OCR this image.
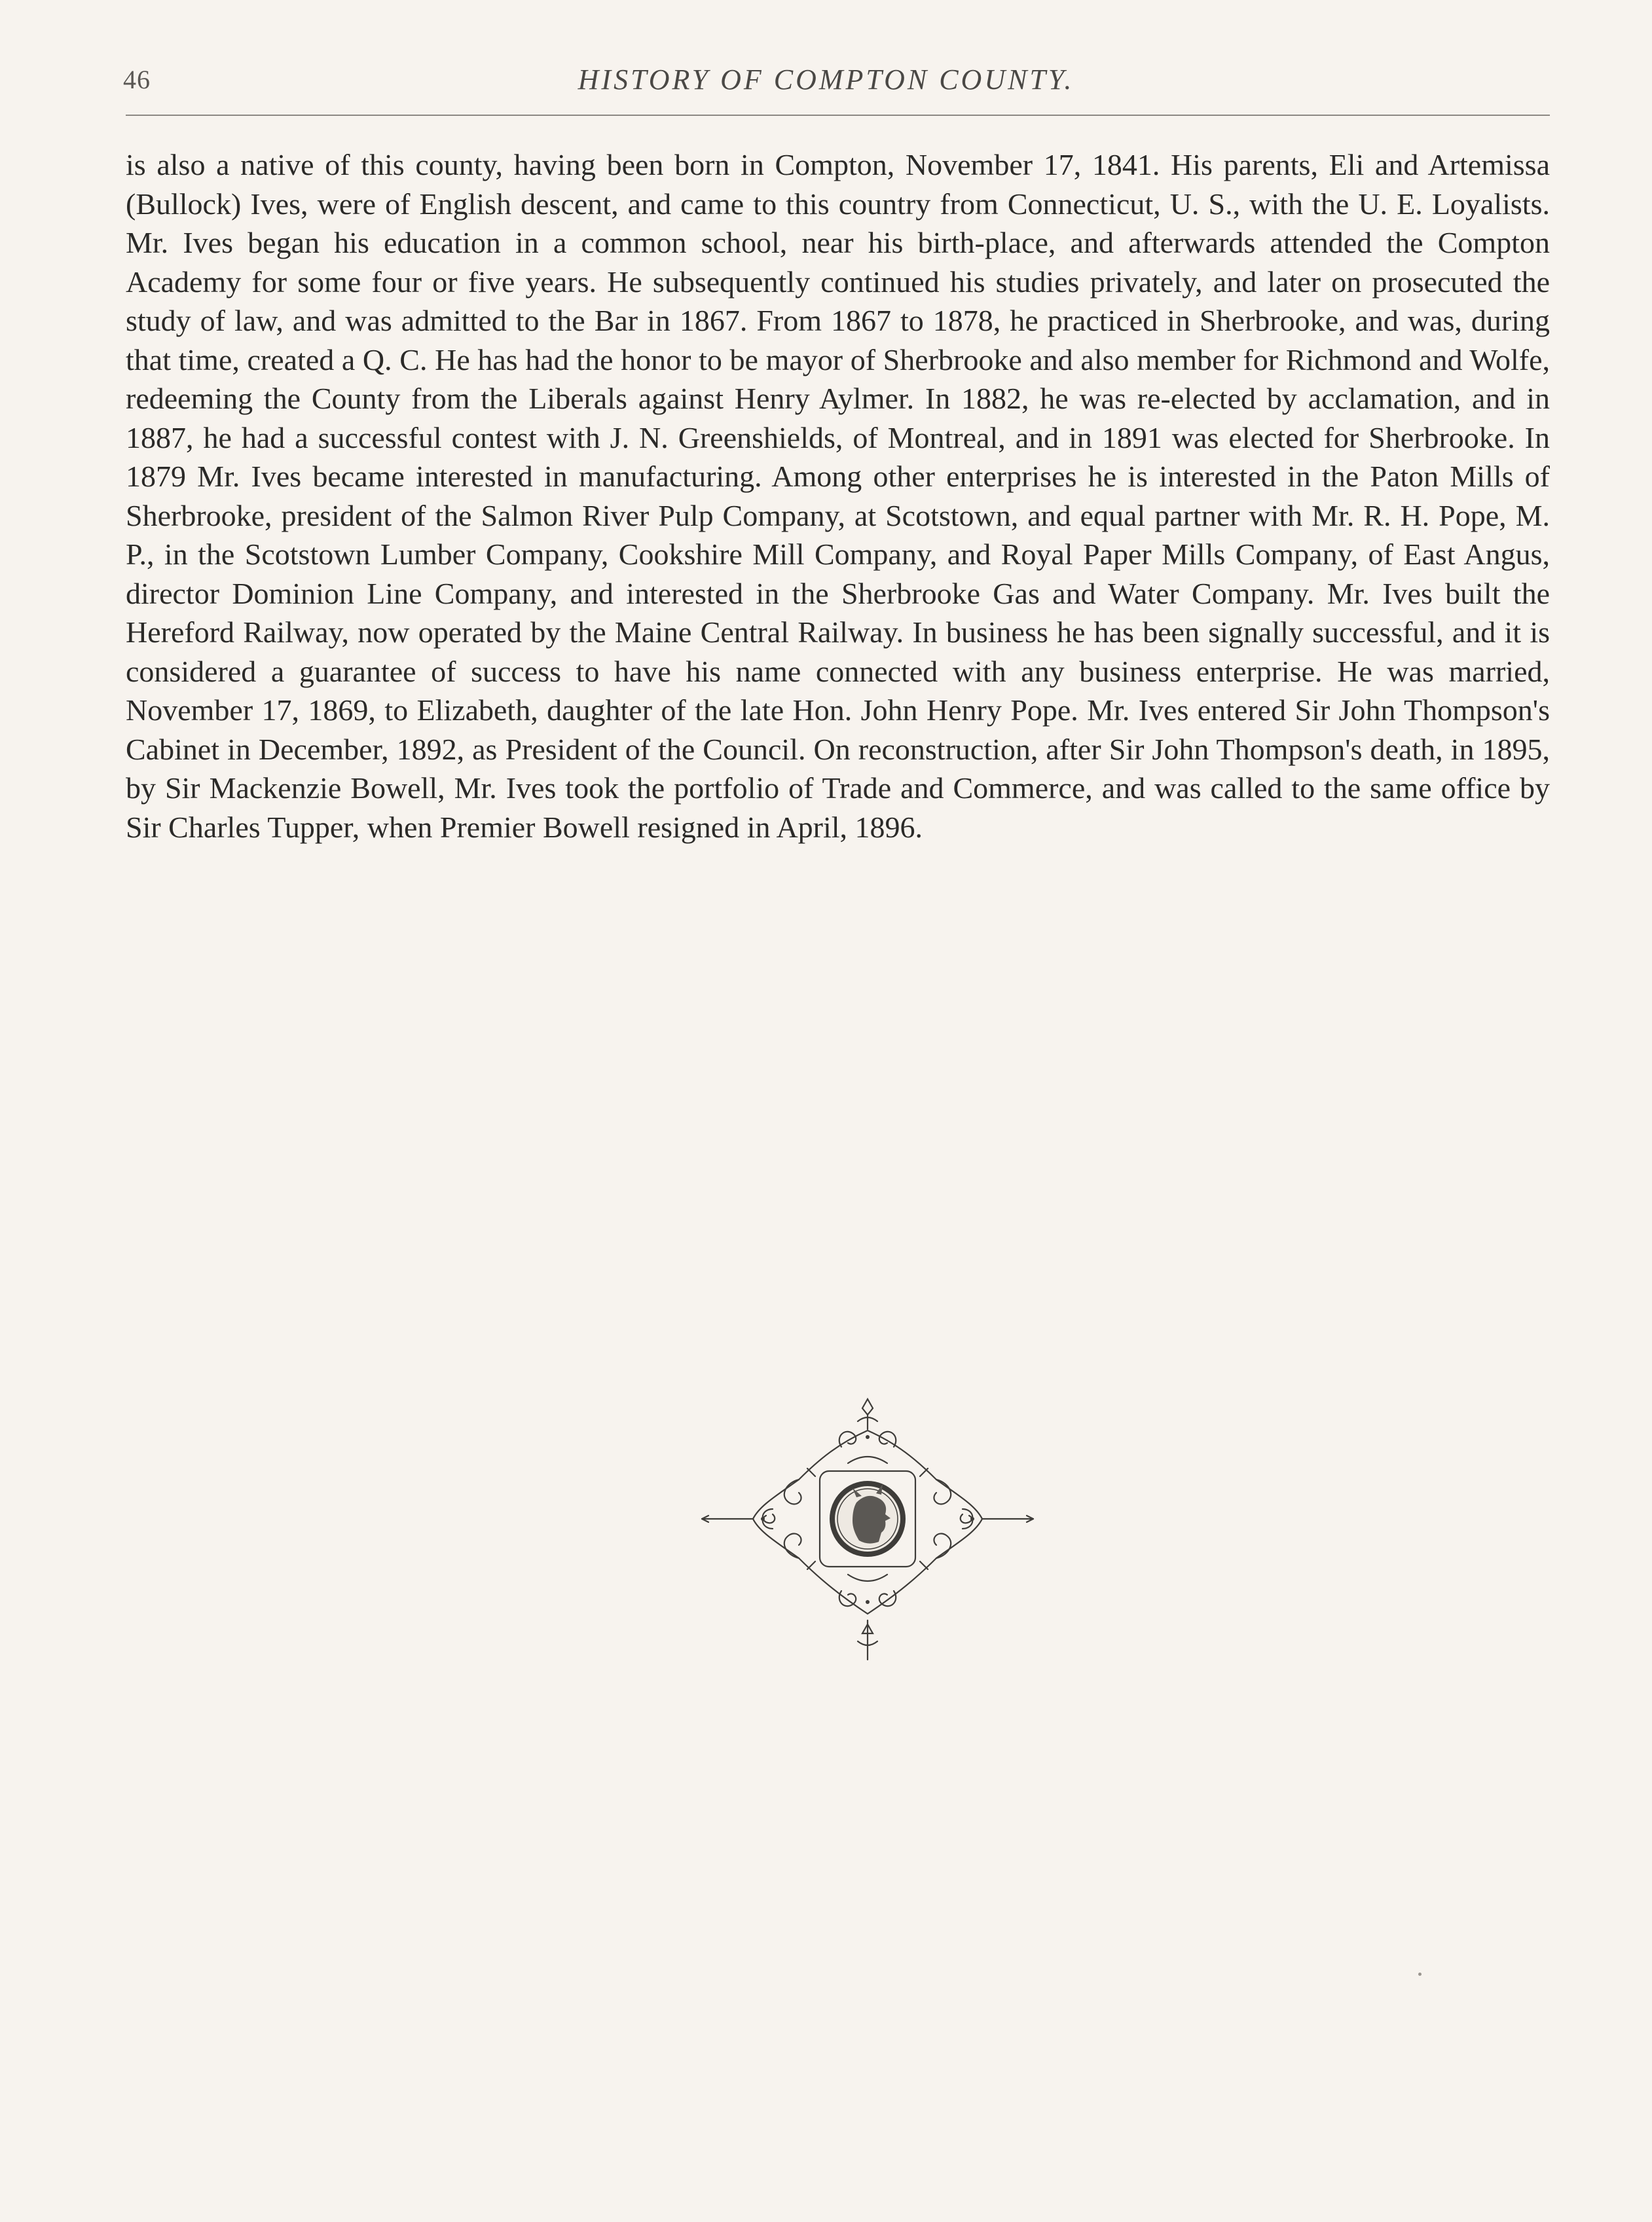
46	HISTORY OF COMPTON COUNTY.

is also a native of this county, having been born in Compton, November 17, 1841. His parents, Eli and Artemissa (Bullock) Ives, were of English descent, and came to this country from Connecticut, U. S., with the U. E. Loyalists. Mr. Ives began his education in a common school, near his birth-place, and afterwards attended the Compton Academy for some four or five years. He subsequently continued his studies privately, and later on prosecuted the study of law, and was admitted to the Bar in 1867. From 1867 to 1878, he practiced in Sherbrooke, and was, during that time, created a Q. C. He has had the honor to be mayor of Sherbrooke and also member for Richmond and Wolfe, redeeming the County from the Liberals against Henry Aylmer. In 1882, he was re-elected by acclamation, and in 1887, he had a successful contest with J. N. Greenshields, of Montreal, and in 1891 was elected for Sherbrooke. In 1879 Mr. Ives became interested in manufacturing. Among other enterprises he is interested in the Paton Mills of Sherbrooke, president of the Salmon River Pulp Company, at Scotstown, and equal partner with Mr. R. H. Pope, M. P., in the Scotstown Lumber Company, Cookshire Mill Company, and Royal Paper Mills Company, of East Angus, director Dominion Line Company, and interested in the Sherbrooke Gas and Water Company. Mr. Ives built the Hereford Railway, now operated by the Maine Central Railway. In business he has been signally successful, and it is considered a guarantee of success to have his name connected with any business enterprise. He was married, November 17, 1869, to Elizabeth, daughter of the late Hon. John Henry Pope. Mr. Ives entered Sir John Thompson's Cabinet in December, 1892, as President of the Council. On reconstruction, after Sir John Thompson's death, in 1895, by Sir Mackenzie Bowell, Mr. Ives took the portfolio of Trade and Commerce, and was called to the same office by Sir Charles Tupper, when Premier Bowell resigned in April, 1896.
